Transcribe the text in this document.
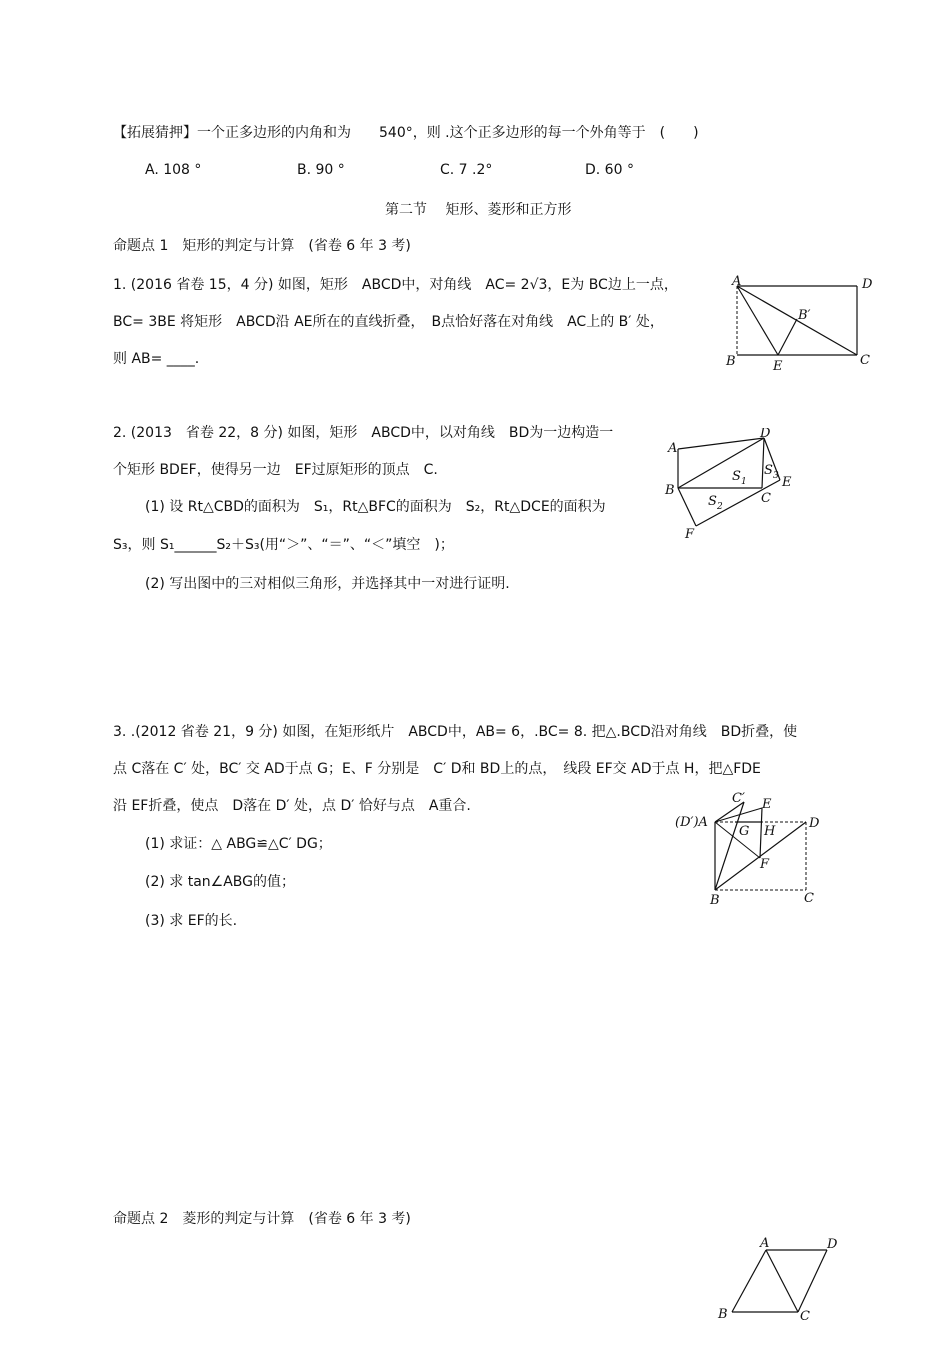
【拓展猜押】一个正多边形的内角和为　　540°，则 .这个正多边形的每一个外角等于　(　　)
A. 108 °	B. 90 °	C. 7 .2°	D. 60 °
第二节　 矩形、菱形和正方形
命题点 1　矩形的判定与计算　(省卷 6 年 3 考)
1. (2016 省卷 15，4 分) 如图，矩形　ABCD中，对角线　AC= 2√3，E为 BC边上一点，
BC= 3BE 将矩形　ABCD沿 AE所在的直线折叠，　B点恰好落在对角线　AC上的 B′ 处，
则 AB= ____.
A	D
B	E	C
B′
2. (2013　省卷 22，8 分) 如图，矩形　ABCD中，以对角线　BD为一边构造一
个矩形 BDEF，使得另一边　EF过原矩形的顶点　C.
(1) 设 Rt△CBD的面积为　S₁，Rt△BFC的面积为　S₂，Rt△DCE的面积为
S₃，则 S₁______S₂＋S₃(用“＞”、“＝”、“＜”填空　)；
(2) 写出图中的三对相似三角形，并选择其中一对进行证明.
A
D
B
C
E
F
S 1
S 2
S 3
3. .(2012 省卷 21，9 分) 如图，在矩形纸片　ABCD中，AB= 6，.BC= 8. 把△.BCD沿对角线　BD折叠，使
点 C落在 C′ 处，BC′ 交 AD于点 G；E、F 分别是　C′ D和 BD上的点，　线段 EF交 AD于点 H，把△FDE
沿 EF折叠，使点　D落在 D′ 处，点 D′ 恰好与点　A重合.
(1) 求证：△ ABG≌△C′ DG；
(2) 求 tan∠ABG的值；
(3) 求 EF的长.
(D′)A
C′ E
G H
D
F
B	C
命题点 2　菱形的判定与计算　(省卷 6 年 3 考)
A	D
B	C
